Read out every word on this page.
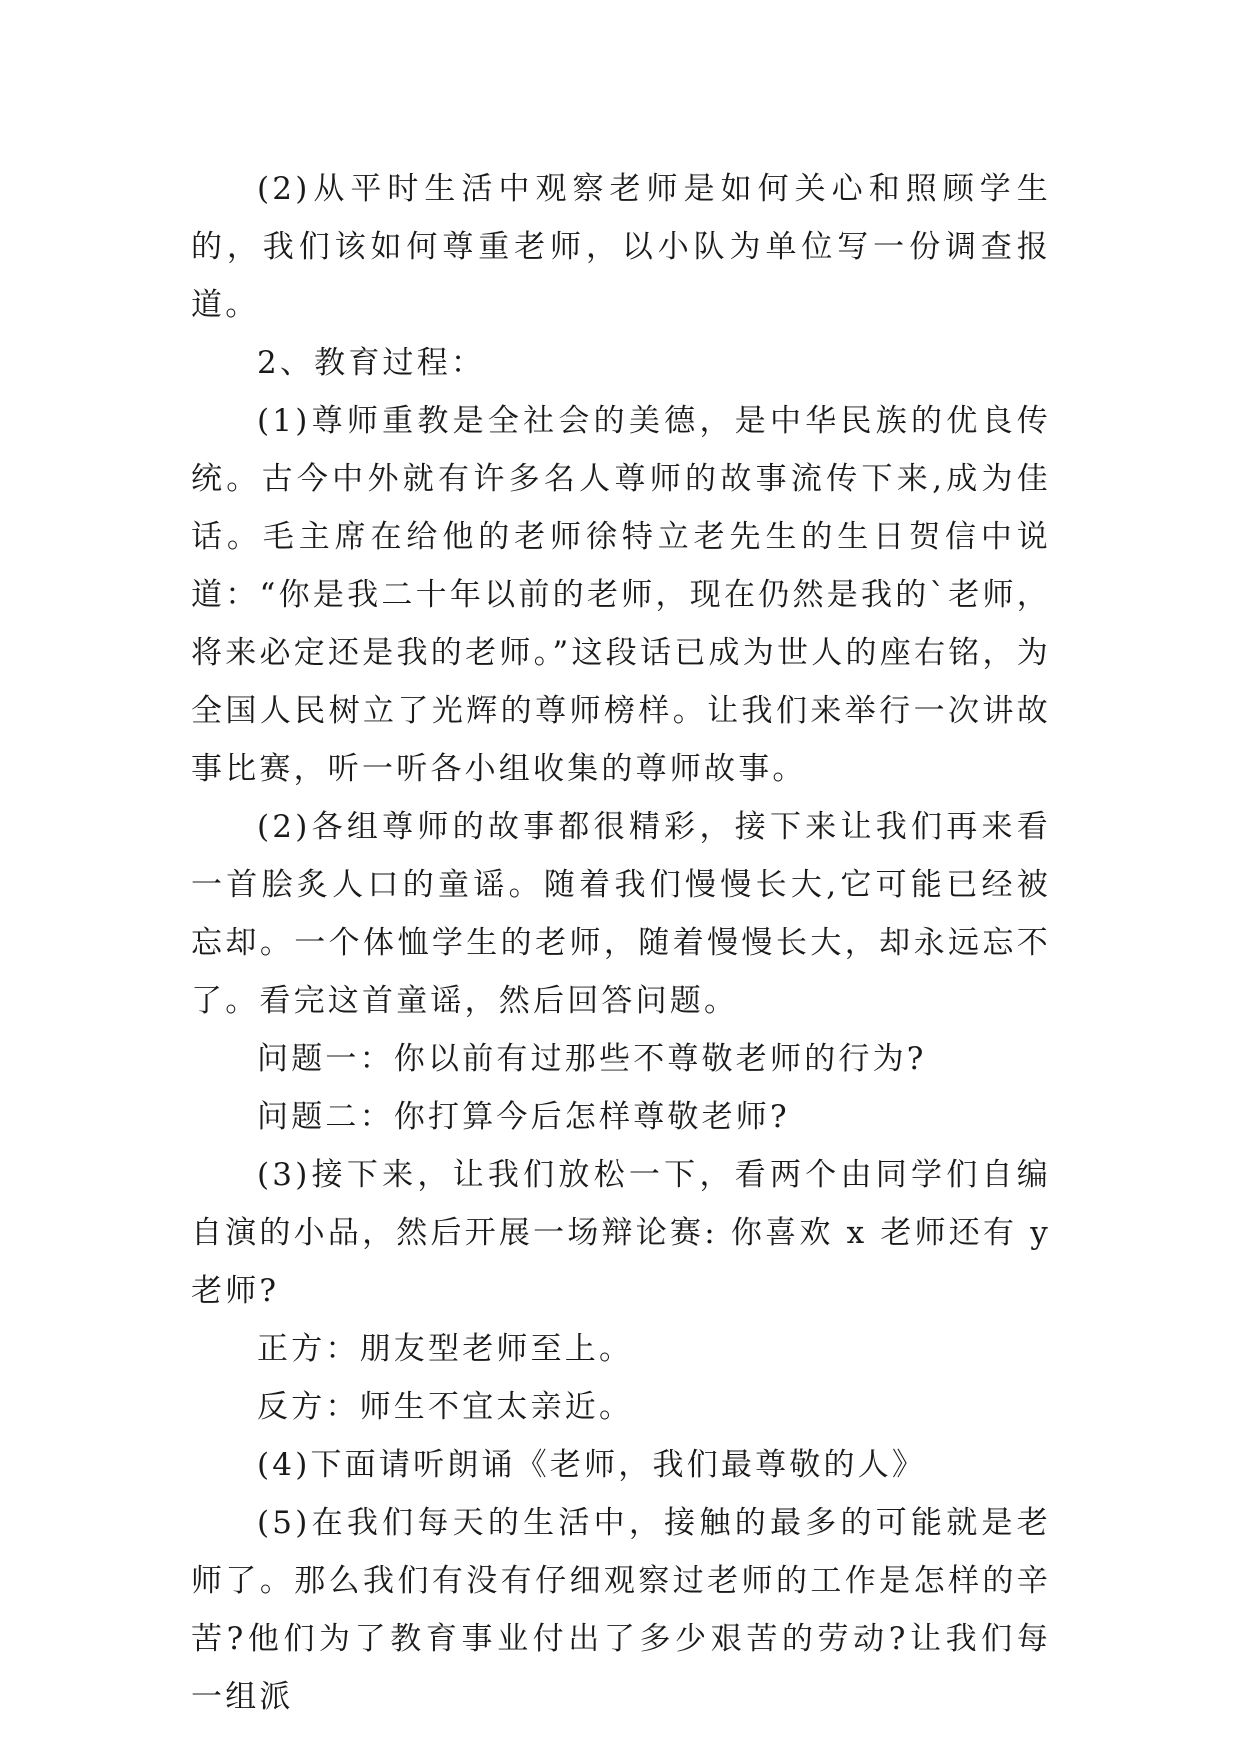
(2)从平时生活中观察老师是如何关心和照顾学生的，我们该如何尊重老师，以小队为单位写一份调查报道。

2、教育过程：

(1)尊师重教是全社会的美德，是中华民族的优良传统。古今中外就有许多名人尊师的故事流传下来,成为佳话。毛主席在给他的老师徐特立老先生的生日贺信中说道：“你是我二十年以前的老师，现在仍然是我的`老师，将来必定还是我的老师。”这段话已成为世人的座右铭，为全国人民树立了光辉的尊师榜样。让我们来举行一次讲故事比赛，听一听各小组收集的尊师故事。

(2)各组尊师的故事都很精彩，接下来让我们再来看一首脍炙人口的童谣。随着我们慢慢长大,它可能已经被忘却。一个体恤学生的老师，随着慢慢长大，却永远忘不了。看完这首童谣，然后回答问题。

问题一：你以前有过那些不尊敬老师的行为?

问题二：你打算今后怎样尊敬老师?

(3)接下来，让我们放松一下，看两个由同学们自编自演的小品，然后开展一场辩论赛: 你喜欢 x 老师还有 y 老师?

正方：朋友型老师至上。

反方：师生不宜太亲近。

(4)下面请听朗诵《老师，我们最尊敬的人》

(5)在我们每天的生活中，接触的最多的可能就是老师了。那么我们有没有仔细观察过老师的工作是怎样的辛苦?他们为了教育事业付出了多少艰苦的劳动?让我们每一组派
